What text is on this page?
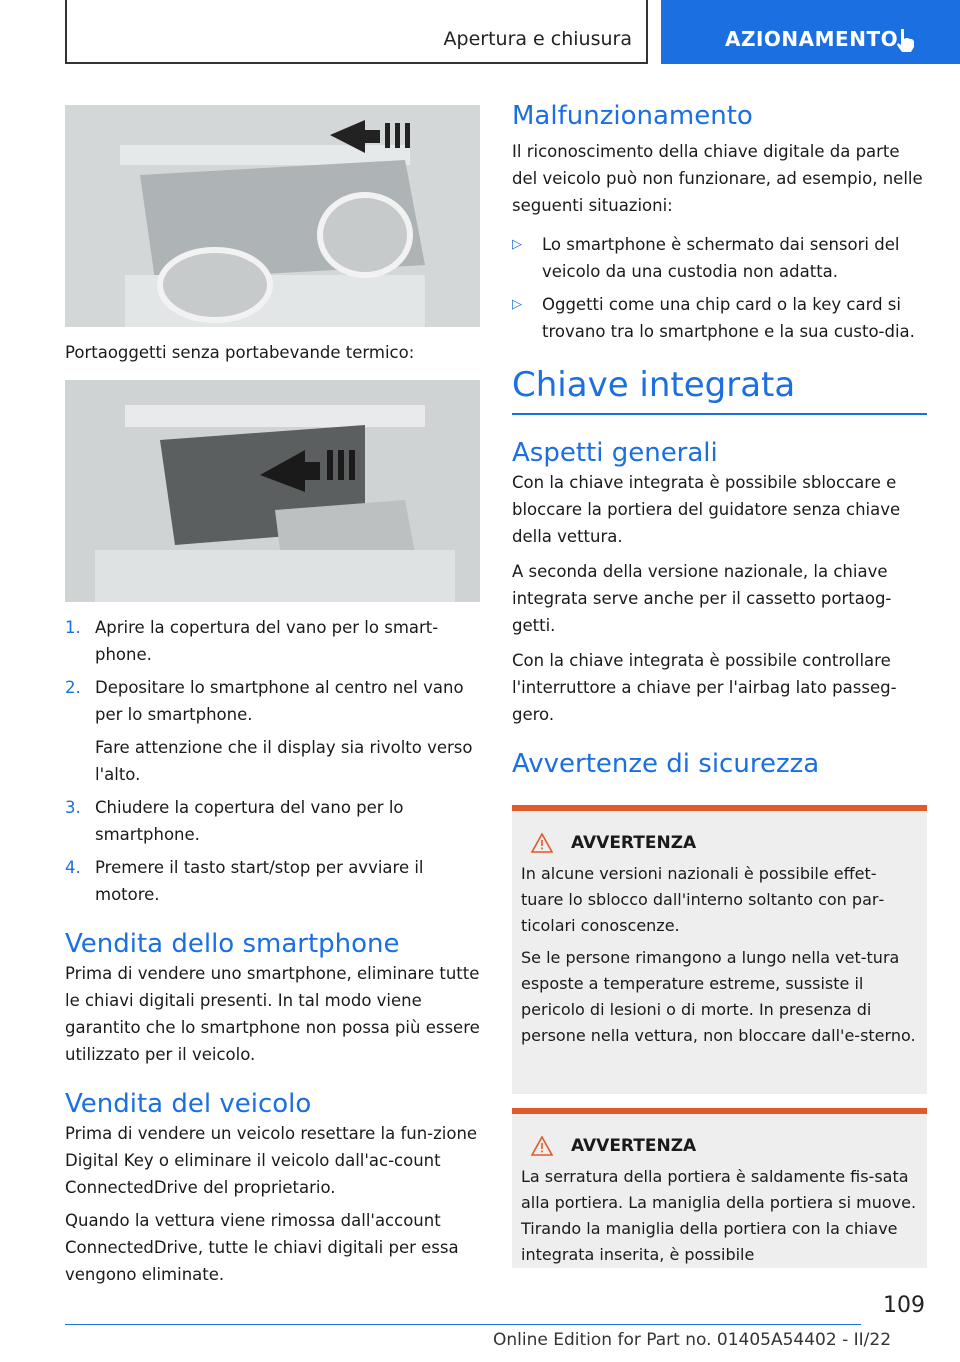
Apertura e chiusura	AZIONAMENTO
Portaoggetti senza portabevande termico:
1. Aprire la copertura del vano per lo smart‐phone.
2. Depositare lo smartphone al centro nel vano per lo smartphone.
Fare attenzione che il display sia rivolto verso l'alto.
3. Chiudere la copertura del vano per lo smartphone.
4. Premere il tasto start/stop per avviare il motore.
Vendita dello smartphone

Prima di vendere uno smartphone, eliminare tutte le chiavi digitali presenti. In tal modo viene garantito che lo smartphone non possa più essere utilizzato per il veicolo.

Vendita del veicolo

Prima di vendere un veicolo resettare la fun‐zione Digital Key o eliminare il veicolo dall'ac‐count ConnectedDrive del proprietario.

Quando la vettura viene rimossa dall'account ConnectedDrive, tutte le chiavi digitali per essa vengono eliminate.

Malfunzionamento

Il riconoscimento della chiave digitale da parte del veicolo può non funzionare, ad esempio, nelle seguenti situazioni:

▷ Lo smartphone è schermato dai sensori del veicolo da una custodia non adatta.
▷ Oggetti come una chip card o la key card si trovano tra lo smartphone e la sua custo‐dia.
Chiave integrata
Aspetti generali

Con la chiave integrata è possibile sbloccare e bloccare la portiera del guidatore senza chiave della vettura.

A seconda della versione nazionale, la chiave integrata serve anche per il cassetto portaog‐getti.

Con la chiave integrata è possibile controllare l'interruttore a chiave per l'airbag lato passeg‐gero.

Avvertenze di sicurezza
AVVERTENZA

In alcune versioni nazionali è possibile effet‐tuare lo sblocco dall'interno soltanto con par‐ticolari conoscenze.

Se le persone rimangono a lungo nella vet‐tura esposte a temperature estreme, sussiste il pericolo di lesioni o di morte. In presenza di persone nella vettura, non bloccare dall'e‐sterno.

AVVERTENZA

La serratura della portiera è saldamente fis‐sata alla portiera. La maniglia della portiera si muove. Tirando la maniglia della portiera con la chiave integrata inserita, è possibile

109
Online Edition for Part no. 01405A54402 - II/22
